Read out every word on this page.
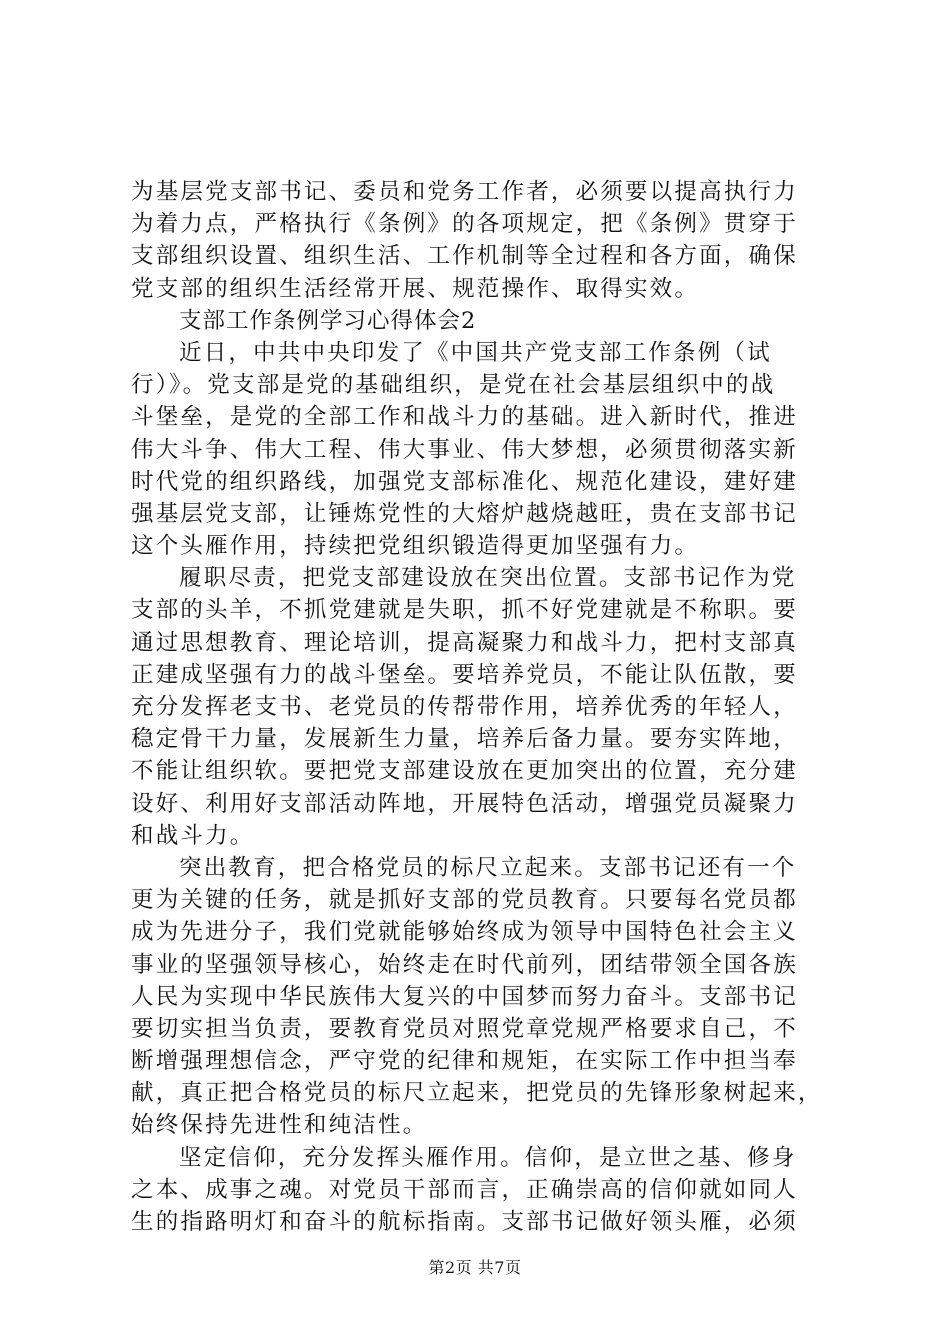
为基层党支部书记、委员和党务工作者，必须要以提高执行力
为着力点，严格执行《条例》的各项规定，把《条例》贯穿于
支部组织设置、组织生活、工作机制等全过程和各方面，确保
党支部的组织生活经常开展、规范操作、取得实效。
支部工作条例学习心得体会2
近日，中共中央印发了《中国共产党支部工作条例（试
行）》。党支部是党的基础组织，是党在社会基层组织中的战
斗堡垒，是党的全部工作和战斗力的基础。进入新时代，推进
伟大斗争、伟大工程、伟大事业、伟大梦想，必须贯彻落实新
时代党的组织路线，加强党支部标准化、规范化建设，建好建
强基层党支部，让锤炼党性的大熔炉越烧越旺，贵在支部书记
这个头雁作用，持续把党组织锻造得更加坚强有力。
履职尽责，把党支部建设放在突出位置。支部书记作为党
支部的头羊，不抓党建就是失职，抓不好党建就是不称职。要
通过思想教育、理论培训，提高凝聚力和战斗力，把村支部真
正建成坚强有力的战斗堡垒。要培养党员，不能让队伍散，要
充分发挥老支书、老党员的传帮带作用，培养优秀的年轻人，
稳定骨干力量，发展新生力量，培养后备力量。要夯实阵地，
不能让组织软。要把党支部建设放在更加突出的位置，充分建
设好、利用好支部活动阵地，开展特色活动，增强党员凝聚力
和战斗力。
突出教育，把合格党员的标尺立起来。支部书记还有一个
更为关键的任务，就是抓好支部的党员教育。只要每名党员都
成为先进分子，我们党就能够始终成为领导中国特色社会主义
事业的坚强领导核心，始终走在时代前列，团结带领全国各族
人民为实现中华民族伟大复兴的中国梦而努力奋斗。支部书记
要切实担当负责，要教育党员对照党章党规严格要求自己，不
断增强理想信念，严守党的纪律和规矩，在实际工作中担当奉
献，真正把合格党员的标尺立起来，把党员的先锋形象树起来，
始终保持先进性和纯洁性。
坚定信仰，充分发挥头雁作用。信仰，是立世之基、修身
之本、成事之魂。对党员干部而言，正确崇高的信仰就如同人
生的指路明灯和奋斗的航标指南。支部书记做好领头雁，必须
第2页 共7页
